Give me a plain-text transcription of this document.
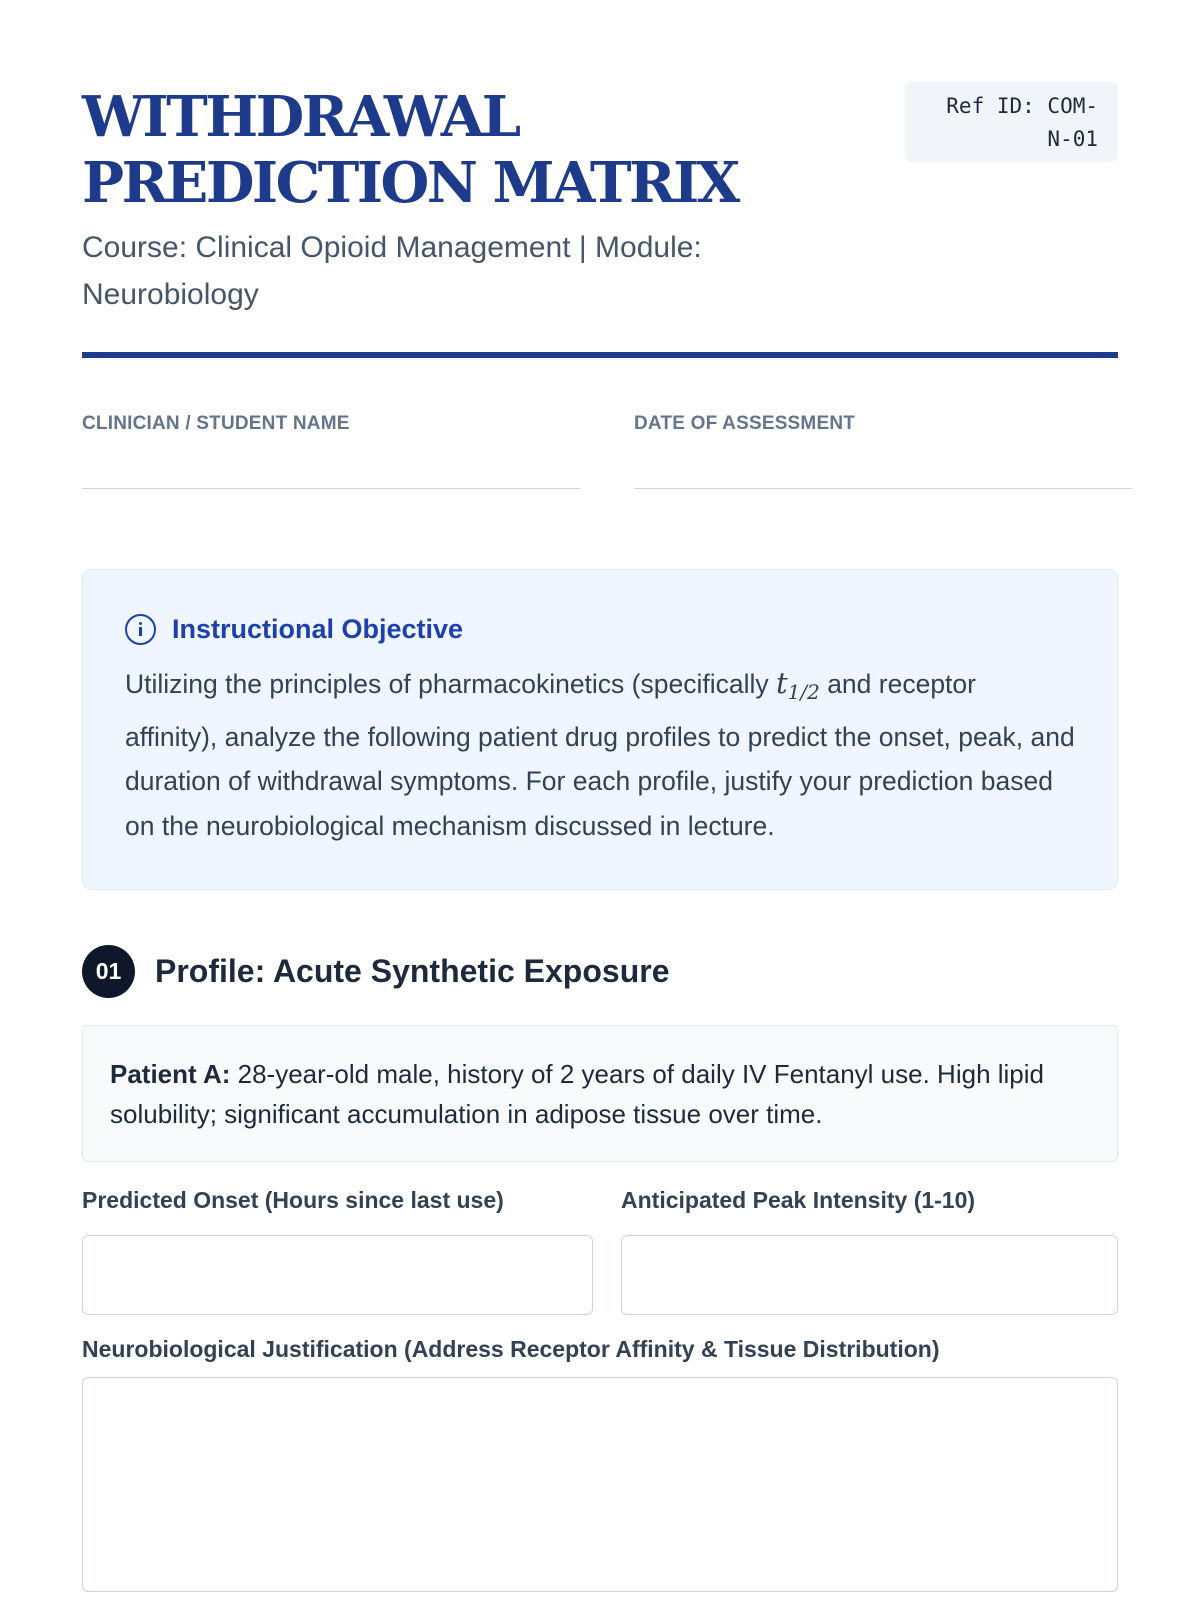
WITHDRAWAL PREDICTION MATRIX
Course: Clinical Opioid Management | Module: Neurobiology
Ref ID: COM-N-01
CLINICIAN / STUDENT NAME	DATE OF ASSESSMENT
Instructional Objective

Utilizing the principles of pharmacokinetics (specifically $t_{1/2}$ and receptor affinity), analyze the following patient drug profiles to predict the onset, peak, and duration of withdrawal symptoms. For each profile, justify your prediction based on the neurobiological mechanism discussed in lecture.

01	Profile: Acute Synthetic Exposure
Patient A: 28-year-old male, history of 2 years of daily IV Fentanyl use. High lipid solubility; significant accumulation in adipose tissue over time.
Predicted Onset (Hours since last use)	Anticipated Peak Intensity (1-10)
Neurobiological Justification (Address Receptor Affinity & Tissue Distribution)
